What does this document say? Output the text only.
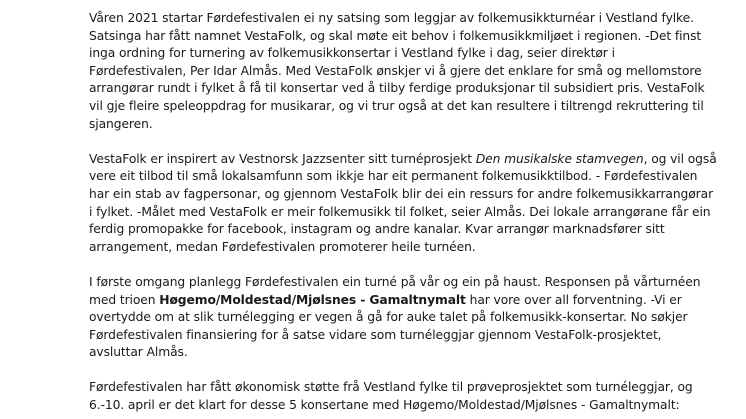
Våren 2021 startar Førdefestivalen ei ny satsing som leggjar av folkemusikkturnéar i Vestland fylke.
Satsinga har fått namnet VestaFolk, og skal møte eit behov i folkemusikkmiljøet i regionen. -Det finst
inga ordning for turnering av folkemusikkonsertar i Vestland fylke i dag, seier direktør i
Førdefestivalen, Per Idar Almås. Med VestaFolk ønskjer vi å gjere det enklare for små og mellomstore
arrangørar rundt i fylket å få til konsertar ved å tilby ferdige produksjonar til subsidiert pris. VestaFolk
vil gje fleire speleoppdrag for musikarar, og vi trur også at det kan resultere i tiltrengd rekruttering til
sjangeren.
VestaFolk er inspirert av Vestnorsk Jazzsenter sitt turnéprosjekt Den musikalske stamvegen, og vil også
vere eit tilbod til små lokalsamfunn som ikkje har eit permanent folkemusikktilbod. - Førdefestivalen
har ein stab av fagpersonar, og gjennom VestaFolk blir dei ein ressurs for andre folkemusikkarrangørar
i fylket. -Målet med VestaFolk er meir folkemusikk til folket, seier Almås. Dei lokale arrangørane får ein
ferdig promopakke for facebook, instagram og andre kanalar. Kvar arrangør marknadsfører sitt
arrangement, medan Førdefestivalen promoterer heile turnéen.
I første omgang planlegg Førdefestivalen ein turné på vår og ein på haust. Responsen på vårturnéen
med trioen Høgemo/Moldestad/Mjølsnes - Gamaltnymalt har vore over all forventning. -Vi er
overtydde om at slik turnélegging er vegen å gå for auke talet på folkemusikk-konsertar. No søkjer
Førdefestivalen finansiering for å satse vidare som turnéleggjar gjennom VestaFolk-prosjektet,
avsluttar Almås.
Førdefestivalen har fått økonomisk støtte frå Vestland fylke til prøveprosjektet som turnéleggjar, og
6.-10. april er det klart for desse 5 konsertane med Høgemo/Moldestad/Mjølsnes - Gamaltnymalt:
